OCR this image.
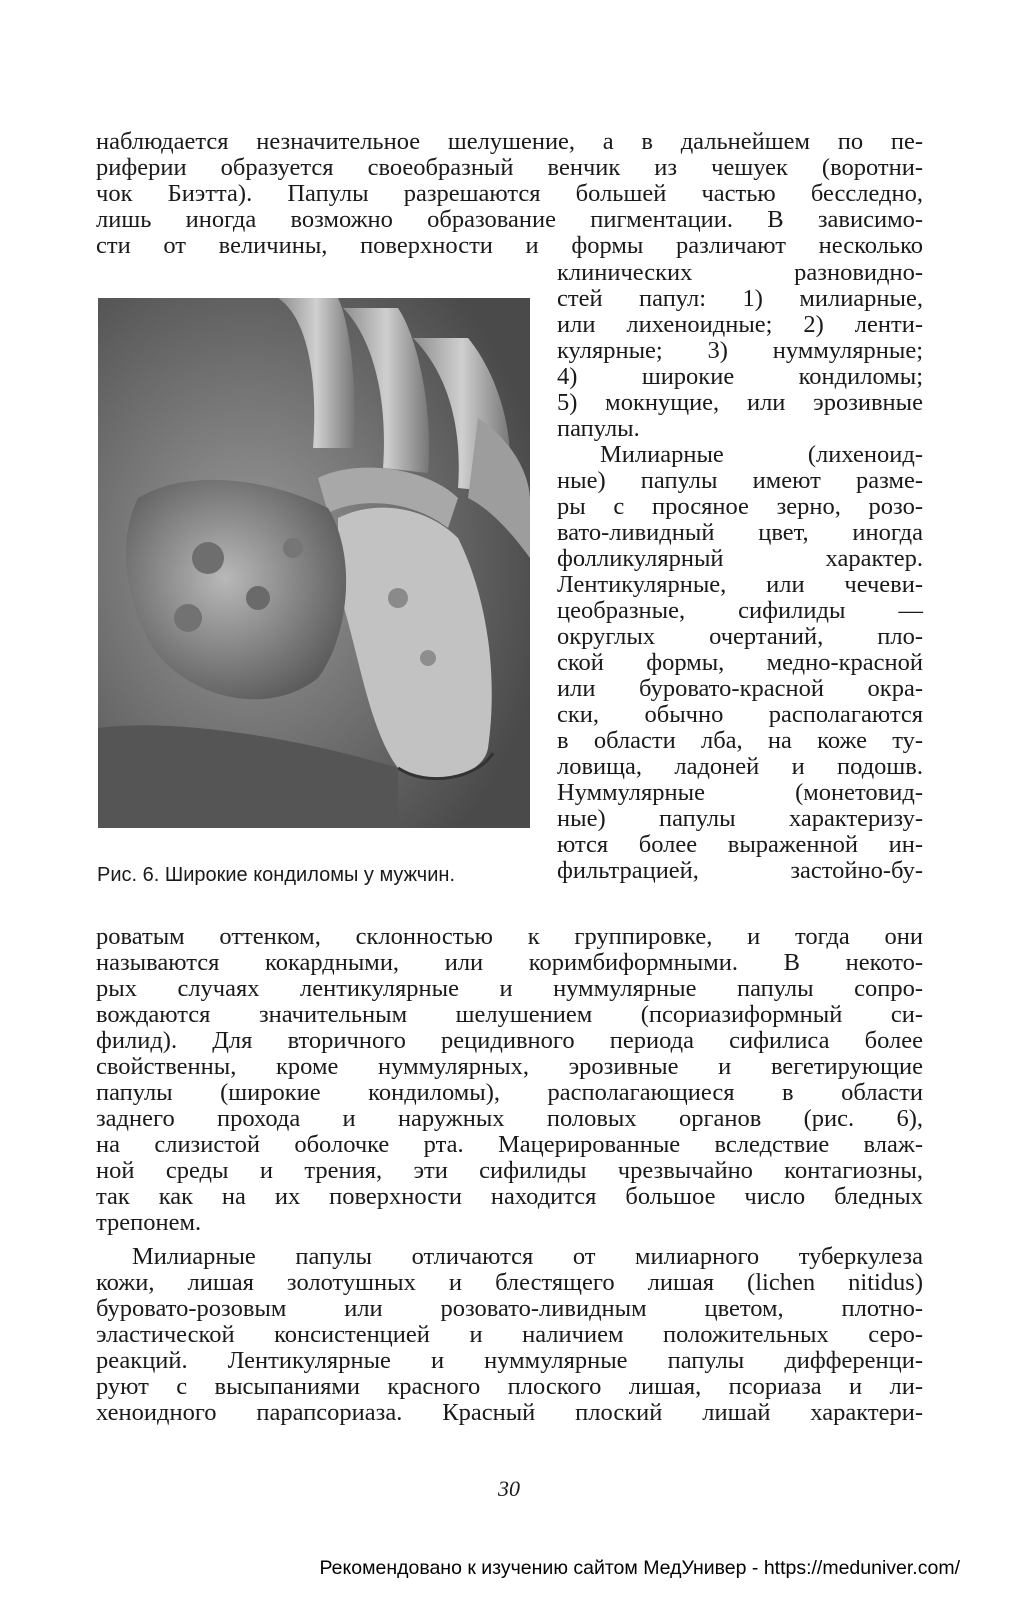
наблюдается незначительное шелушение, а в дальнейшем по пе-
риферии образуется своеобразный венчик из чешуек (воротни-
чок Биэтта). Папулы разрешаются большей частью бесследно,
лишь иногда возможно образование пигментации. В зависимо-
сти от величины, поверхности и формы различают несколько
клинических разновидно-
стей папул: 1) милиарные,
или лихеноидные; 2) ленти-
кулярные; 3) нуммулярные;
4) широкие кондиломы;
5) мокнущие, или эрозивные
папулы.
Милиарные (лихеноид-
ные) папулы имеют разме-
ры с просяное зерно, розо-
вато-ливидный цвет, иногда
фолликулярный характер.
Лентикулярные, или чечеви-
цеобразные, сифилиды —
округлых очертаний, пло-
ской формы, медно-красной
или буровато-красной окра-
ски, обычно располагаются
в области лба, на коже ту-
ловища, ладоней и подошв.
Нуммулярные (монетовид-
ные) папулы характеризу-
ются более выраженной ин-
фильтрацией, застойно-бу-
Рис. 6. Широкие кондиломы у мужчин.
роватым оттенком, склонностью к группировке, и тогда они
называются кокардными, или коримбиформными. В некото-
рых случаях лентикулярные и нуммулярные папулы сопро-
вождаются значительным шелушением (псориазиформный си-
филид). Для вторичного рецидивного периода сифилиса более
свойственны, кроме нуммулярных, эрозивные и вегетирующие
папулы (широкие кондиломы), располагающиеся в области
заднего прохода и наружных половых органов (рис. 6),
на слизистой оболочке рта. Мацерированные вследствие влаж-
ной среды и трения, эти сифилиды чрезвычайно контагиозны,
так как на их поверхности находится большое число бледных
трепонем.
Милиарные папулы отличаются от милиарного туберкулеза
кожи, лишая золотушных и блестящего лишая (lichen nitidus)
буровато-розовым или розовато-ливидным цветом, плотно-
эластической консистенцией и наличием положительных серо-
реакций. Лентикулярные и нуммулярные папулы дифференци-
руют с высыпаниями красного плоского лишая, псориаза и ли-
хеноидного парапсориаза. Красный плоский лишай характери-
30
Рекомендовано к изучению сайтом МедУнивер - https://meduniver.com/
